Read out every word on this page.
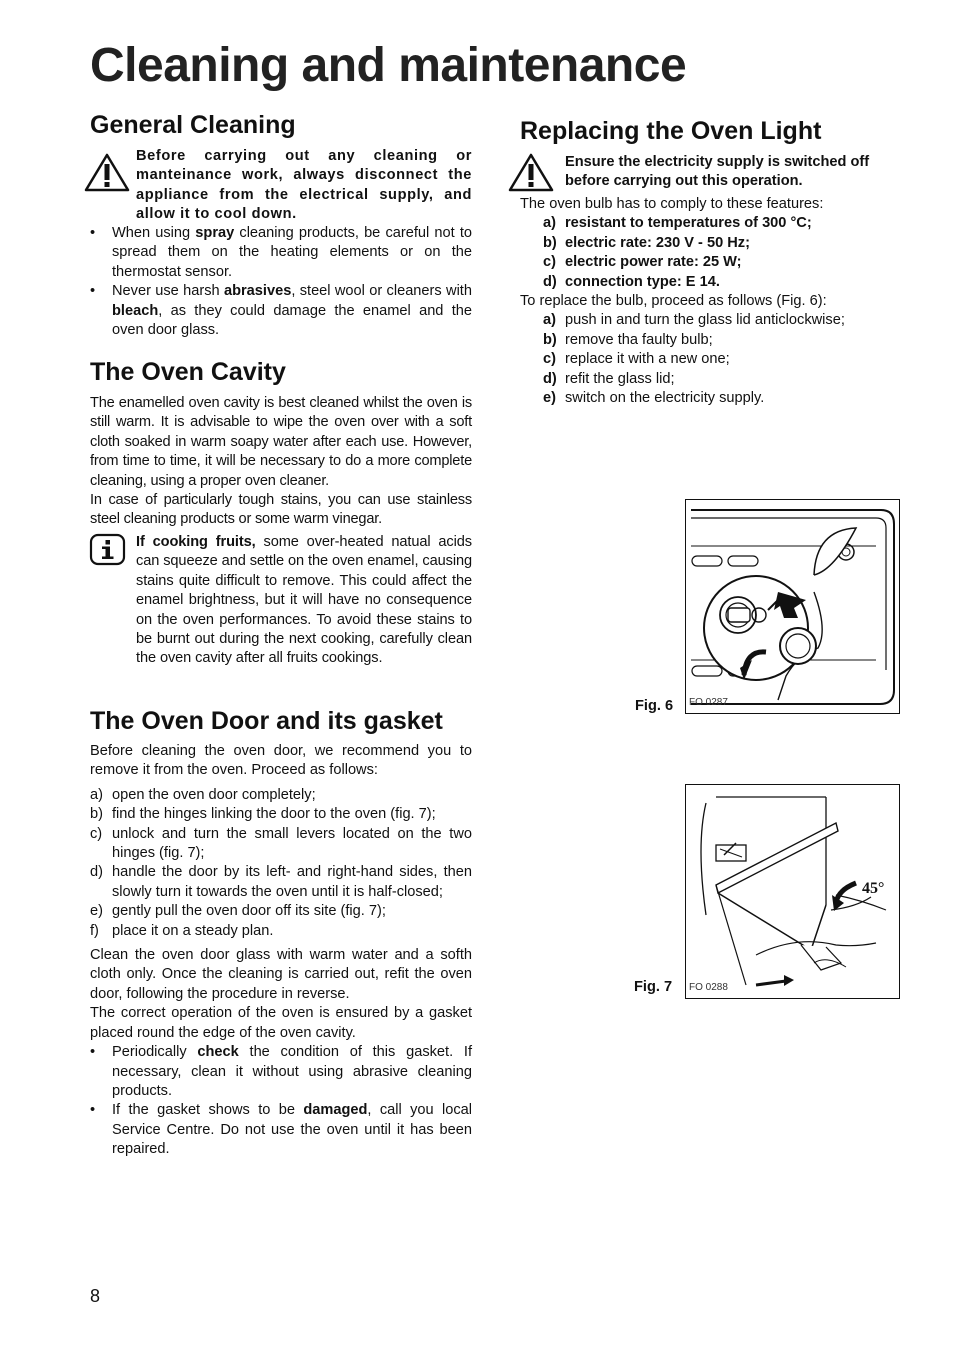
Cleaning and maintenance
General Cleaning
Before carrying out any cleaning or manteinance work, always disconnect the appliance from the electrical supply, and allow it to cool down.
• When using spray cleaning products, be careful not to spread them on the heating elements or on the thermostat sensor.
• Never use harsh abrasives, steel wool or cleaners with bleach, as they could damage the enamel and the oven door glass.
The Oven Cavity

The enamelled oven cavity is best cleaned whilst the oven is still warm. It is advisable to wipe the oven over with a soft cloth soaked in warm soapy water after each use. However, from time to time, it will be necessary to do a more complete cleaning, using a proper oven cleaner.

In case of particularly tough stains, you can use stainless steel cleaning products or some warm vinegar.

If cooking fruits, some over-heated natual acids can squeeze and settle on the oven enamel, causing stains quite difficult to remove. This could affect the enamel brightness, but it will have no consequence on the oven performances. To avoid these stains to be burnt out during the next cooking, carefully clean the oven cavity after all fruits cookings.
The Oven Door and its gasket

Before cleaning the oven door, we recommend you to remove it from the oven. Proceed as follows:

a) open the oven door completely;
b) find the hinges linking the door to the oven (fig. 7);
c) unlock and turn the small levers located on the two hinges (fig. 7);
d) handle the door by its left- and right-hand sides, then slowly turn it towards the oven until it is half-closed;
e) gently pull the oven door off its site (fig. 7);
f) place it on a steady plan.

Clean the oven door glass with warm water and a softh cloth only. Once the cleaning is carried out, refit the oven door, following the procedure in reverse.

The correct operation of the oven is ensured by a gasket placed round the edge of the oven cavity.

• Periodically check the condition of this gasket. If necessary, clean it without using abrasive cleaning products.
• If the gasket shows to be damaged, call you local Service Centre. Do not use the oven until it has been repaired.
Replacing the Oven Light
Ensure the electricity supply is switched off before carrying out this operation.

The oven bulb has to comply to these features:

a) resistant to temperatures of 300 °C;
b) electric rate: 230 V - 50 Hz;
c) electric power rate: 25 W;
d) connection type: E 14.

To replace the bulb, proceed as follows (Fig. 6):

a) push in and turn the glass lid anticlockwise;
b) remove tha faulty bulb;
c) replace it with a new one;
d) refit the glass lid;
e) switch on the electricity supply.
Fig. 6 FO 0287
Fig. 7
45°
FO 0288
8
